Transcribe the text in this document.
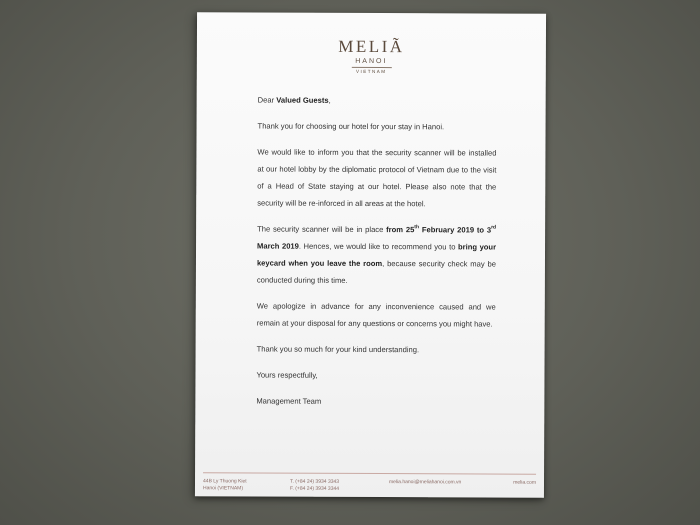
MELIÃ
HANOI
VIETNAM

Dear Valued Guests,

Thank you for choosing our hotel for your stay in Hanoi.

We would like to inform you that the security scanner will be installed at our hotel lobby by the diplomatic protocol of Vietnam due to the visit of a Head of State staying at our hotel. Please also note that the security will be re-inforced in all areas at the hotel.

The security scanner will be in place from 25th February 2019 to 3rd March 2019. Hences, we would like to recommend you to bring your keycard when you leave the room, because security check may be conducted during this time.

We apologize in advance for any inconvenience caused and we remain at your disposal for any questions or concerns you might have.

Thank you so much for your kind understanding.

Yours respectfully,

Management Team

44B Ly Thuong Kiet
Hanoi (VIETNAM)
T. (+84 24) 3934 3343
F. (+84 24) 3934 3344
melia.hanoi@meliahanoi.com.vn	melia.com
